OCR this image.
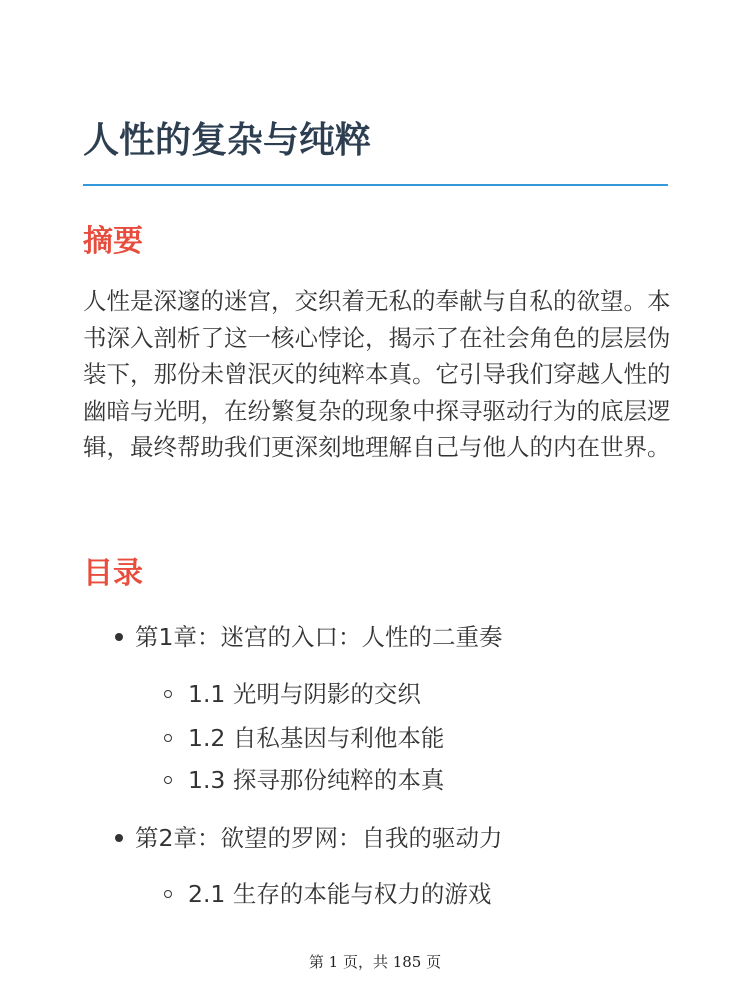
人性的复杂与纯粹
摘要

人性是深邃的迷宫，交织着无私的奉献与自私的欲望。本书深入剖析了这一核心悖论，揭示了在社会角色的层层伪装下，那份未曾泯灭的纯粹本真。它引导我们穿越人性的幽暗与光明，在纷繁复杂的现象中探寻驱动行为的底层逻辑，最终帮助我们更深刻地理解自己与他人的内在世界。

目录
第1章：迷宫的入口：人性的二重奏
1.1 光明与阴影的交织
1.2 自私基因与利他本能
1.3 探寻那份纯粹的本真
第2章：欲望的罗网：自我的驱动力
2.1 生存的本能与权力的游戏
第 1 页，共 185 页
